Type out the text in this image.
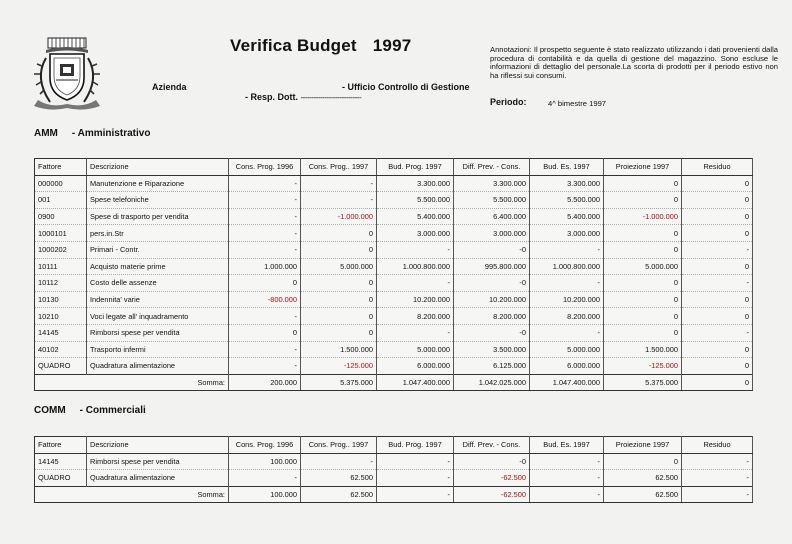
Verifica Budget 1997
Azienda	- Ufficio Controllo di Gestione
- Resp. Dott. ----------------------------
Annotazioni: Il prospetto seguente è stato realizzato utilizzando i dati provenienti dalla procedura di contabilità e da quella di gestione del magazzino. Sono escluse le informazioni di dettaglio del personale.La scorta di prodotti per il periodo estivo non ha riflessi sui consumi.
Periodo:	4^ bimestre 1997
AMM - Amministrativo
COMM - Commerciali
Fattore	Descrizione	Cons. Prog. 1996	Cons. Prog.. 1997	Bud. Prog. 1997	Diff. Prev. - Cons.	Bud. Es. 1997	Proiezione 1997	Residuo
000000	Manutenzione e Riparazione	-	-	3.300.000	3.300.000	3.300.000	0	0
001	Spese telefoniche	-	-	5.500.000	5.500.000	5.500.000	0	0
0900	Spese di trasporto per vendita	-	-1.000.000	5.400.000	6.400.000	5.400.000	-1.000.000	0
1000101	pers.in.Str	-	0	3.000.000	3.000.000	3.000.000	0	0
1000202	Primari - Contr.	-	0	-	-0	-	0	-
10111	Acquisto materie prime	1.000.000	5.000.000	1.000.800.000	995.800.000	1.000.800.000	5.000.000	0
10112	Costo delle assenze	0	0	-	-0	-	0	-
10130	Indennita' varie	-800.000	0	10.200.000	10.200.000	10.200.000	0	0
10210	Voci legate all' inquadramento	-	0	8.200.000	8.200.000	8.200.000	0	0
14145	Rimborsi spese per vendita	0	0	-	-0	-	0	-
40102	Trasporto infermi	-	1.500.000	5.000.000	3.500.000	5.000.000	1.500.000	0
QUADRO	Quadratura alimentazione	-	-125.000	6.000.000	6.125.000	6.000.000	-125.000	0
Somma:		200.000	5.375.000	1.047.400.000	1.042.025.000	1.047.400.000	5.375.000	0
Fattore	Descrizione	Cons. Prog. 1996	Cons. Prog.. 1997	Bud. Prog. 1997	Diff. Prev. - Cons.	Bud. Es. 1997	Proiezione 1997	Residuo
14145	Rimborsi spese per vendita	100.000	-	-	-0	-	0	-
QUADRO	Quadratura alimentazione	-	62.500	-	-62.500	-	62.500	-
Somma:		100.000	62.500	-	-62.500	-	62.500	-
